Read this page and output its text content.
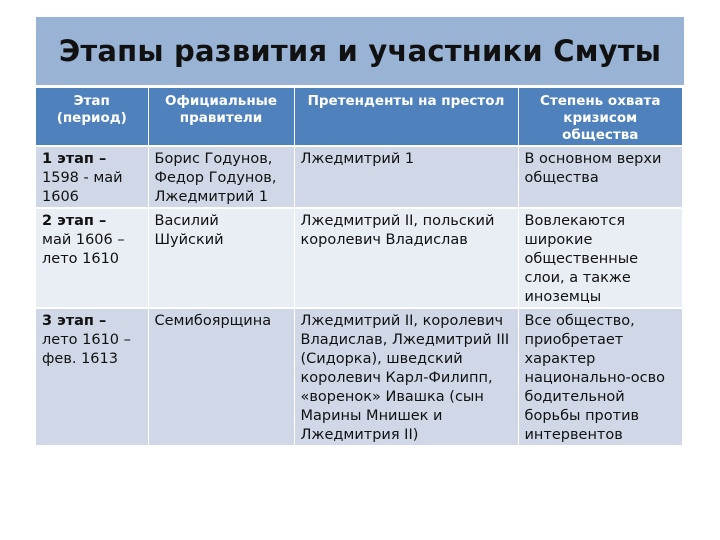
Этапы развития и участники Смуты
Этап (период)	Официальные правители	Претенденты на престол	Степень охвата кризисом общества

1 этап –
1598 - май 1606	Борис Годунов, Федор Годунов, Лжедмитрий 1	Лжедмитрий 1	В основном верхи общества

2 этап –
май 1606 – лето 1610	Василий Шуйский	Лжедмитрий II, польский королевич Владислав	Вовлекаются широкие общественные слои, а также иноземцы

3 этап –
лето 1610 – фев. 1613	Семибоярщина	Лжедмитрий II, королевич Владислав, Лжедмитрий III (Сидорка), шведский королевич Карл-Филипп, «воренок» Ивашка (сын Марины Мнишек и Лжедмитрия II)	Все общество, приобретает характер национально-осво бодительной борьбы против интервентов
